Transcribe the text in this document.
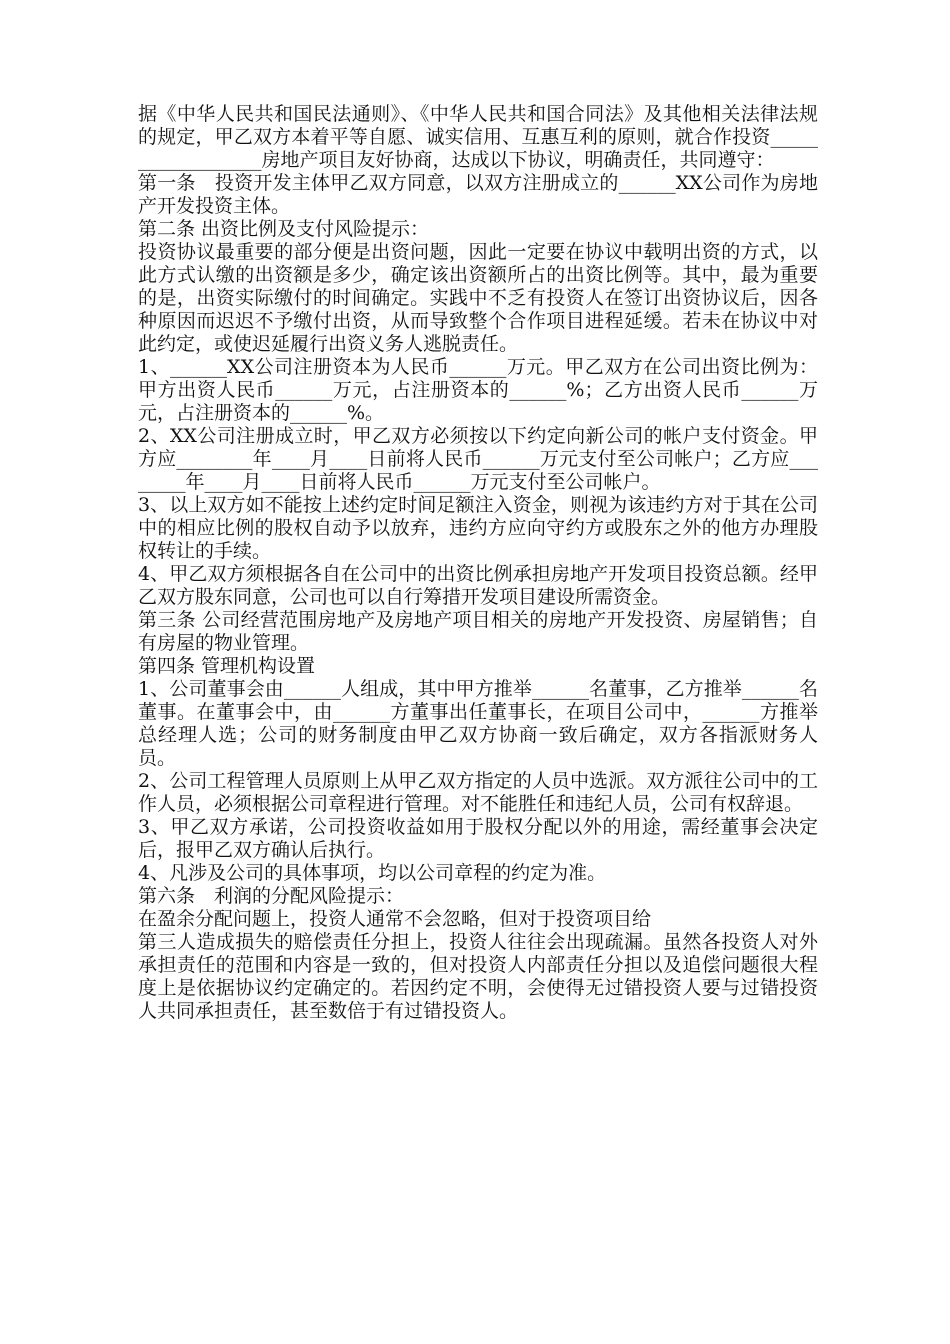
据《中华人民共和国民法通则》、《中华人民共和国合同法》及其他相关法律法规的规定，甲乙双方本着平等自愿、诚实信用、互惠互利的原则，就合作投资__________________房地产项目友好协商，达成以下协议，明确责任，共同遵守：

第一条　投资开发主体甲乙双方同意，以双方注册成立的______XX公司作为房地产开发投资主体。

第二条 出资比例及支付风险提示：

投资协议最重要的部分便是出资问题，因此一定要在协议中载明出资的方式，以此方式认缴的出资额是多少，确定该出资额所占的出资比例等。其中，最为重要的是，出资实际缴付的时间确定。实践中不乏有投资人在签订出资协议后，因各种原因而迟迟不予缴付出资，从而导致整个合作项目进程延缓。若未在协议中对此约定，或使迟延履行出资义务人逃脱责任。

1、______XX公司注册资本为人民币______万元。甲乙双方在公司出资比例为：甲方出资人民币______万元，占注册资本的______%；乙方出资人民币______万元，占注册资本的______%。

2、XX公司注册成立时，甲乙双方必须按以下约定向新公司的帐户支付资金。甲方应________年____月____日前将人民币______万元支付至公司帐户；乙方应________年____月____日前将人民币______万元支付至公司帐户。

3、以上双方如不能按上述约定时间足额注入资金，则视为该违约方对于其在公司中的相应比例的股权自动予以放弃，违约方应向守约方或股东之外的他方办理股权转让的手续。

4、甲乙双方须根据各自在公司中的出资比例承担房地产开发项目投资总额。经甲乙双方股东同意，公司也可以自行筹措开发项目建设所需资金。

第三条 公司经营范围房地产及房地产项目相关的房地产开发投资、房屋销售；自有房屋的物业管理。

第四条 管理机构设置

1、公司董事会由______人组成，其中甲方推举______名董事，乙方推举______名董事。在董事会中，由______方董事出任董事长，在项目公司中，______方推举总经理人选；公司的财务制度由甲乙双方协商一致后确定，双方各指派财务人员。

2、公司工程管理人员原则上从甲乙双方指定的人员中选派。双方派往公司中的工作人员，必须根据公司章程进行管理。对不能胜任和违纪人员，公司有权辞退。

3、甲乙双方承诺，公司投资收益如用于股权分配以外的用途，需经董事会决定后，报甲乙双方确认后执行。

4、凡涉及公司的具体事项，均以公司章程的约定为准。

第六条　利润的分配风险提示：

在盈余分配问题上，投资人通常不会忽略，但对于投资项目给

第三人造成损失的赔偿责任分担上，投资人往往会出现疏漏。虽然各投资人对外承担责任的范围和内容是一致的，但对投资人内部责任分担以及追偿问题很大程度上是依据协议约定确定的。若因约定不明，会使得无过错投资人要与过错投资人共同承担责任，甚至数倍于有过错投资人。
